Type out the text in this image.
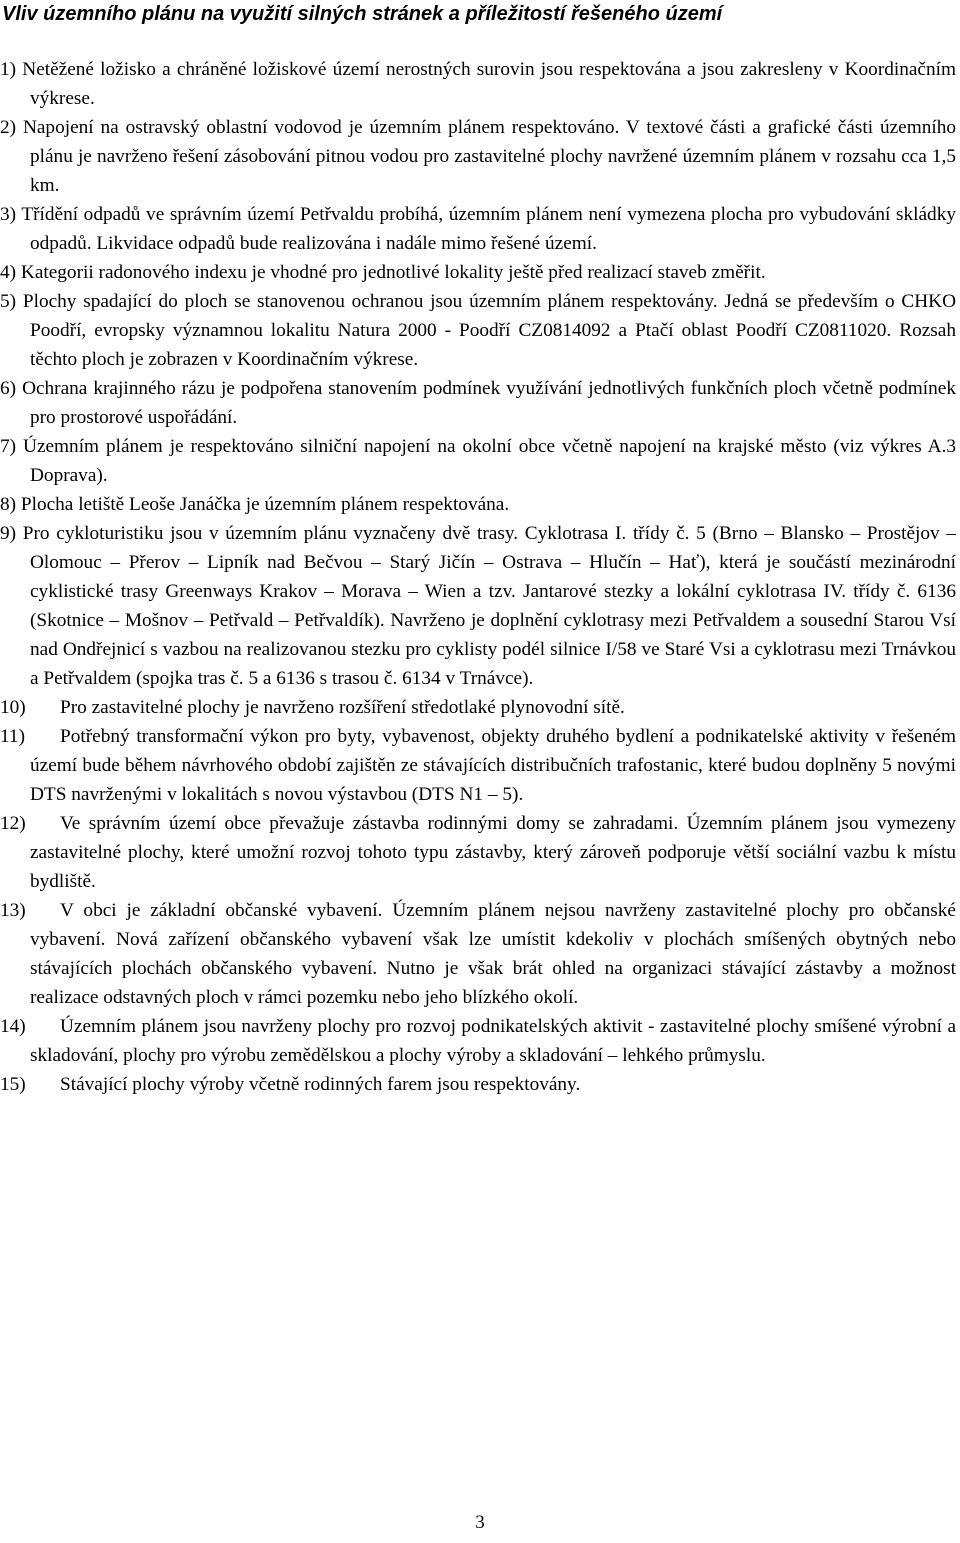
Vliv územního plánu na využití silných stránek a příležitostí řešeného území

1) Netěžené ložisko a chráněné ložiskové území nerostných surovin jsou respektována a jsou zakresleny v Koordinačním výkrese.

2) Napojení na ostravský oblastní vodovod je územním plánem respektováno. V textové části a grafické části územního plánu je navrženo řešení zásobování pitnou vodou pro zastavitelné plochy navržené územním plánem v rozsahu cca 1,5 km.

3) Třídění odpadů ve správním území Petřvaldu probíhá, územním plánem není vymezena plocha pro vybudování skládky odpadů. Likvidace odpadů bude realizována i nadále mimo řešené území.

4) Kategorii radonového indexu je vhodné pro jednotlivé lokality ještě před realizací staveb změřit.

5) Plochy spadající do ploch se stanovenou ochranou jsou územním plánem respektovány. Jedná se především o CHKO Poodří, evropsky významnou lokalitu Natura 2000 - Poodří CZ0814092 a Ptačí oblast Poodří CZ0811020. Rozsah těchto ploch je zobrazen v Koordinačním výkrese.

6) Ochrana krajinného rázu je podpořena stanovením podmínek využívání jednotlivých funkčních ploch včetně podmínek pro prostorové uspořádání.

7) Územním plánem je respektováno silniční napojení na okolní obce včetně napojení na krajské město (viz výkres A.3 Doprava).

8) Plocha letiště Leoše Janáčka je územním plánem respektována.

9) Pro cykloturistiku jsou v územním plánu vyznačeny dvě trasy. Cyklotrasa I. třídy č. 5 (Brno – Blansko – Prostějov – Olomouc – Přerov – Lipník nad Bečvou – Starý Jičín – Ostrava – Hlučín – Hať), která je součástí mezinárodní cyklistické trasy Greenways Krakov – Morava – Wien a tzv. Jantarové stezky a lokální cyklotrasa IV. třídy č. 6136 (Skotnice – Mošnov – Petřvald – Petřvaldík). Navrženo je doplnění cyklotrasy mezi Petřvaldem a sousední Starou Vsí nad Ondřejnicí s vazbou na realizovanou stezku pro cyklisty podél silnice I/58 ve Staré Vsi a cyklotrasu mezi Trnávkou a Petřvaldem (spojka tras č. 5 a 6136 s trasou č. 6134 v Trnávce).

10) Pro zastavitelné plochy je navrženo rozšíření středotlaké plynovodní sítě.

11) Potřebný transformační výkon pro byty, vybavenost, objekty druhého bydlení a podnikatelské aktivity v řešeném území bude během návrhového období zajištěn ze stávajících distribučních trafostanic, které budou doplněny 5 novými DTS navrženými v lokalitách s novou výstavbou (DTS N1 – 5).

12) Ve správním území obce převažuje zástavba rodinnými domy se zahradami. Územním plánem jsou vymezeny zastavitelné plochy, které umožní rozvoj tohoto typu zástavby, který zároveň podporuje větší sociální vazbu k místu bydliště.

13) V obci je základní občanské vybavení. Územním plánem nejsou navrženy zastavitelné plochy pro občanské vybavení. Nová zařízení občanského vybavení však lze umístit kdekoliv v plochách smíšených obytných nebo stávajících plochách občanského vybavení. Nutno je však brát ohled na organizaci stávající zástavby a možnost realizace odstavných ploch v rámci pozemku nebo jeho blízkého okolí.

14) Územním plánem jsou navrženy plochy pro rozvoj podnikatelských aktivit - zastavitelné plochy smíšené výrobní a skladování, plochy pro výrobu zemědělskou a plochy výroby a skladování – lehkého průmyslu.

15) Stávající plochy výroby včetně rodinných farem jsou respektovány.

3
